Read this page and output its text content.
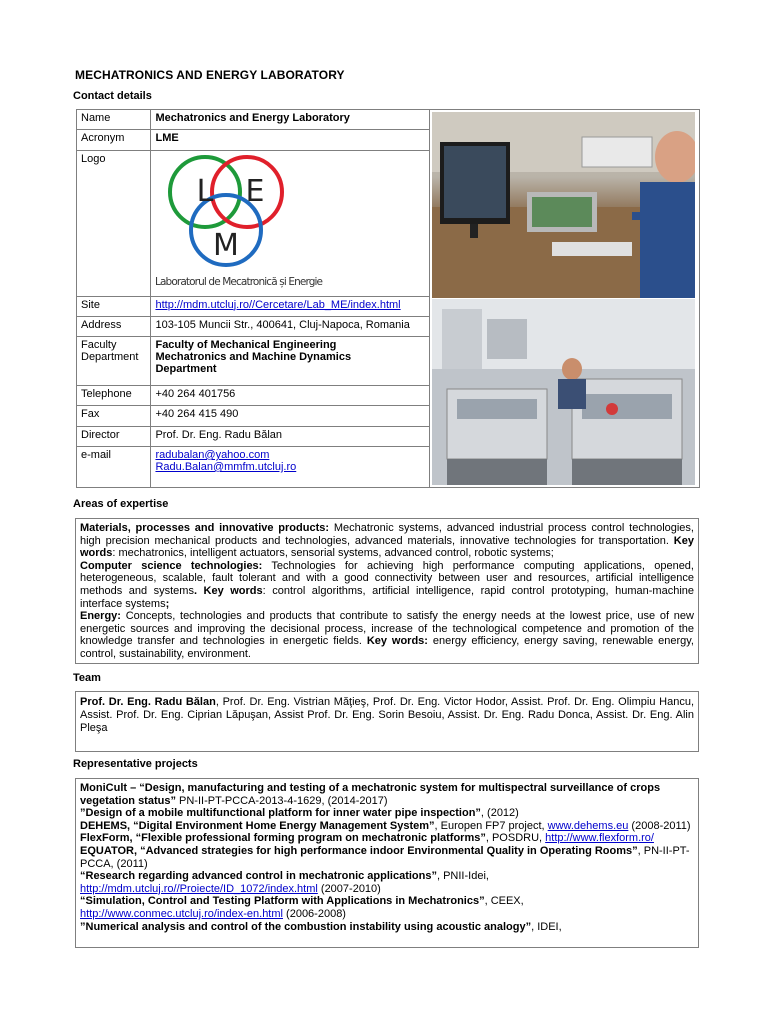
MECHATRONICS AND ENERGY LABORATORY
Contact details
Name	Mechatronics and Energy Laboratory	

Acronym	LME	
Logo	L E
M
Laboratorul de Mecatronică și Energie	

Site	http://mdm.utcluj.ro//Cercetare/Lab_ME/index.html	
Address	103-105 Muncii Str., 400641, Cluj-Napoca, Romania	

Faculty
Department	Faculty of Mechanical Engineering
Mechatronics and Machine Dynamics
Department	

Telephone	+40 264 401756	
Fax	+40 264 415 490	
Director	Prof. Dr. Eng. Radu Bălan	
e-mail	radubalan@yahoo.com
Radu.Balan@mmfm.utcluj.ro	
Areas of expertise
Materials, processes and innovative products: Mechatronic systems, advanced industrial process control technologies, high precision mechanical products and technologies, advanced materials, innovative technologies for transportation. Key words: mechatronics, intelligent actuators, sensorial systems, advanced control, robotic systems;
Computer science technologies: Technologies for achieving high performance computing applications, opened, heterogeneous, scalable, fault tolerant and with a good connectivity between user and resources, artificial intelligence methods and systems. Key words: control algorithms, artificial intelligence, rapid control prototyping, human-machine interface systems;
Energy: Concepts, technologies and products that contribute to satisfy the energy needs at the lowest price, use of new energetic sources and improving the decisional process, increase of the technological competence and promotion of the knowledge transfer and technologies in energetic fields. Key words: energy efficiency, energy saving, renewable energy, control, sustainability, environment.
Team
Prof. Dr. Eng. Radu Bălan, Prof. Dr. Eng. Vistrian Măţieş, Prof. Dr. Eng. Victor Hodor, Assist. Prof. Dr. Eng. Olimpiu Hancu, Assist. Prof. Dr. Eng. Ciprian Lăpuşan, Assist Prof. Dr. Eng. Sorin Besoiu, Assist. Dr. Eng. Radu Donca, Assist. Dr. Eng. Alin Pleşa
Representative projects
MoniCult – “Design, manufacturing and testing of a mechatronic system for multispectral surveillance of crops vegetation status” PN-II-PT-PCCA-2013-4-1629, (2014-2017)
”Design of a mobile multifunctional platform for inner water pipe inspection”, (2012)
DEHEMS, “Digital Environment Home Energy Management System”, Europen FP7 project, www.dehems.eu (2008-2011)
FlexForm, “Flexible professional forming program on mechatronic platforms”, POSDRU, http://www.flexform.ro/
EQUATOR, “Advanced strategies for high performance indoor Environmental Quality in Operating Rooms”, PN-II-PT-PCCA, (2011)
“Research regarding advanced control in mechatronic applications”, PNII-Idei,
http://mdm.utcluj.ro//Proiecte/ID_1072/index.html (2007-2010)
“Simulation, Control and Testing Platform with Applications in Mechatronics”, CEEX,
http://www.conmec.utcluj.ro/index-en.html (2006-2008)
”Numerical analysis and control of the combustion instability using acoustic analogy”, IDEI,
